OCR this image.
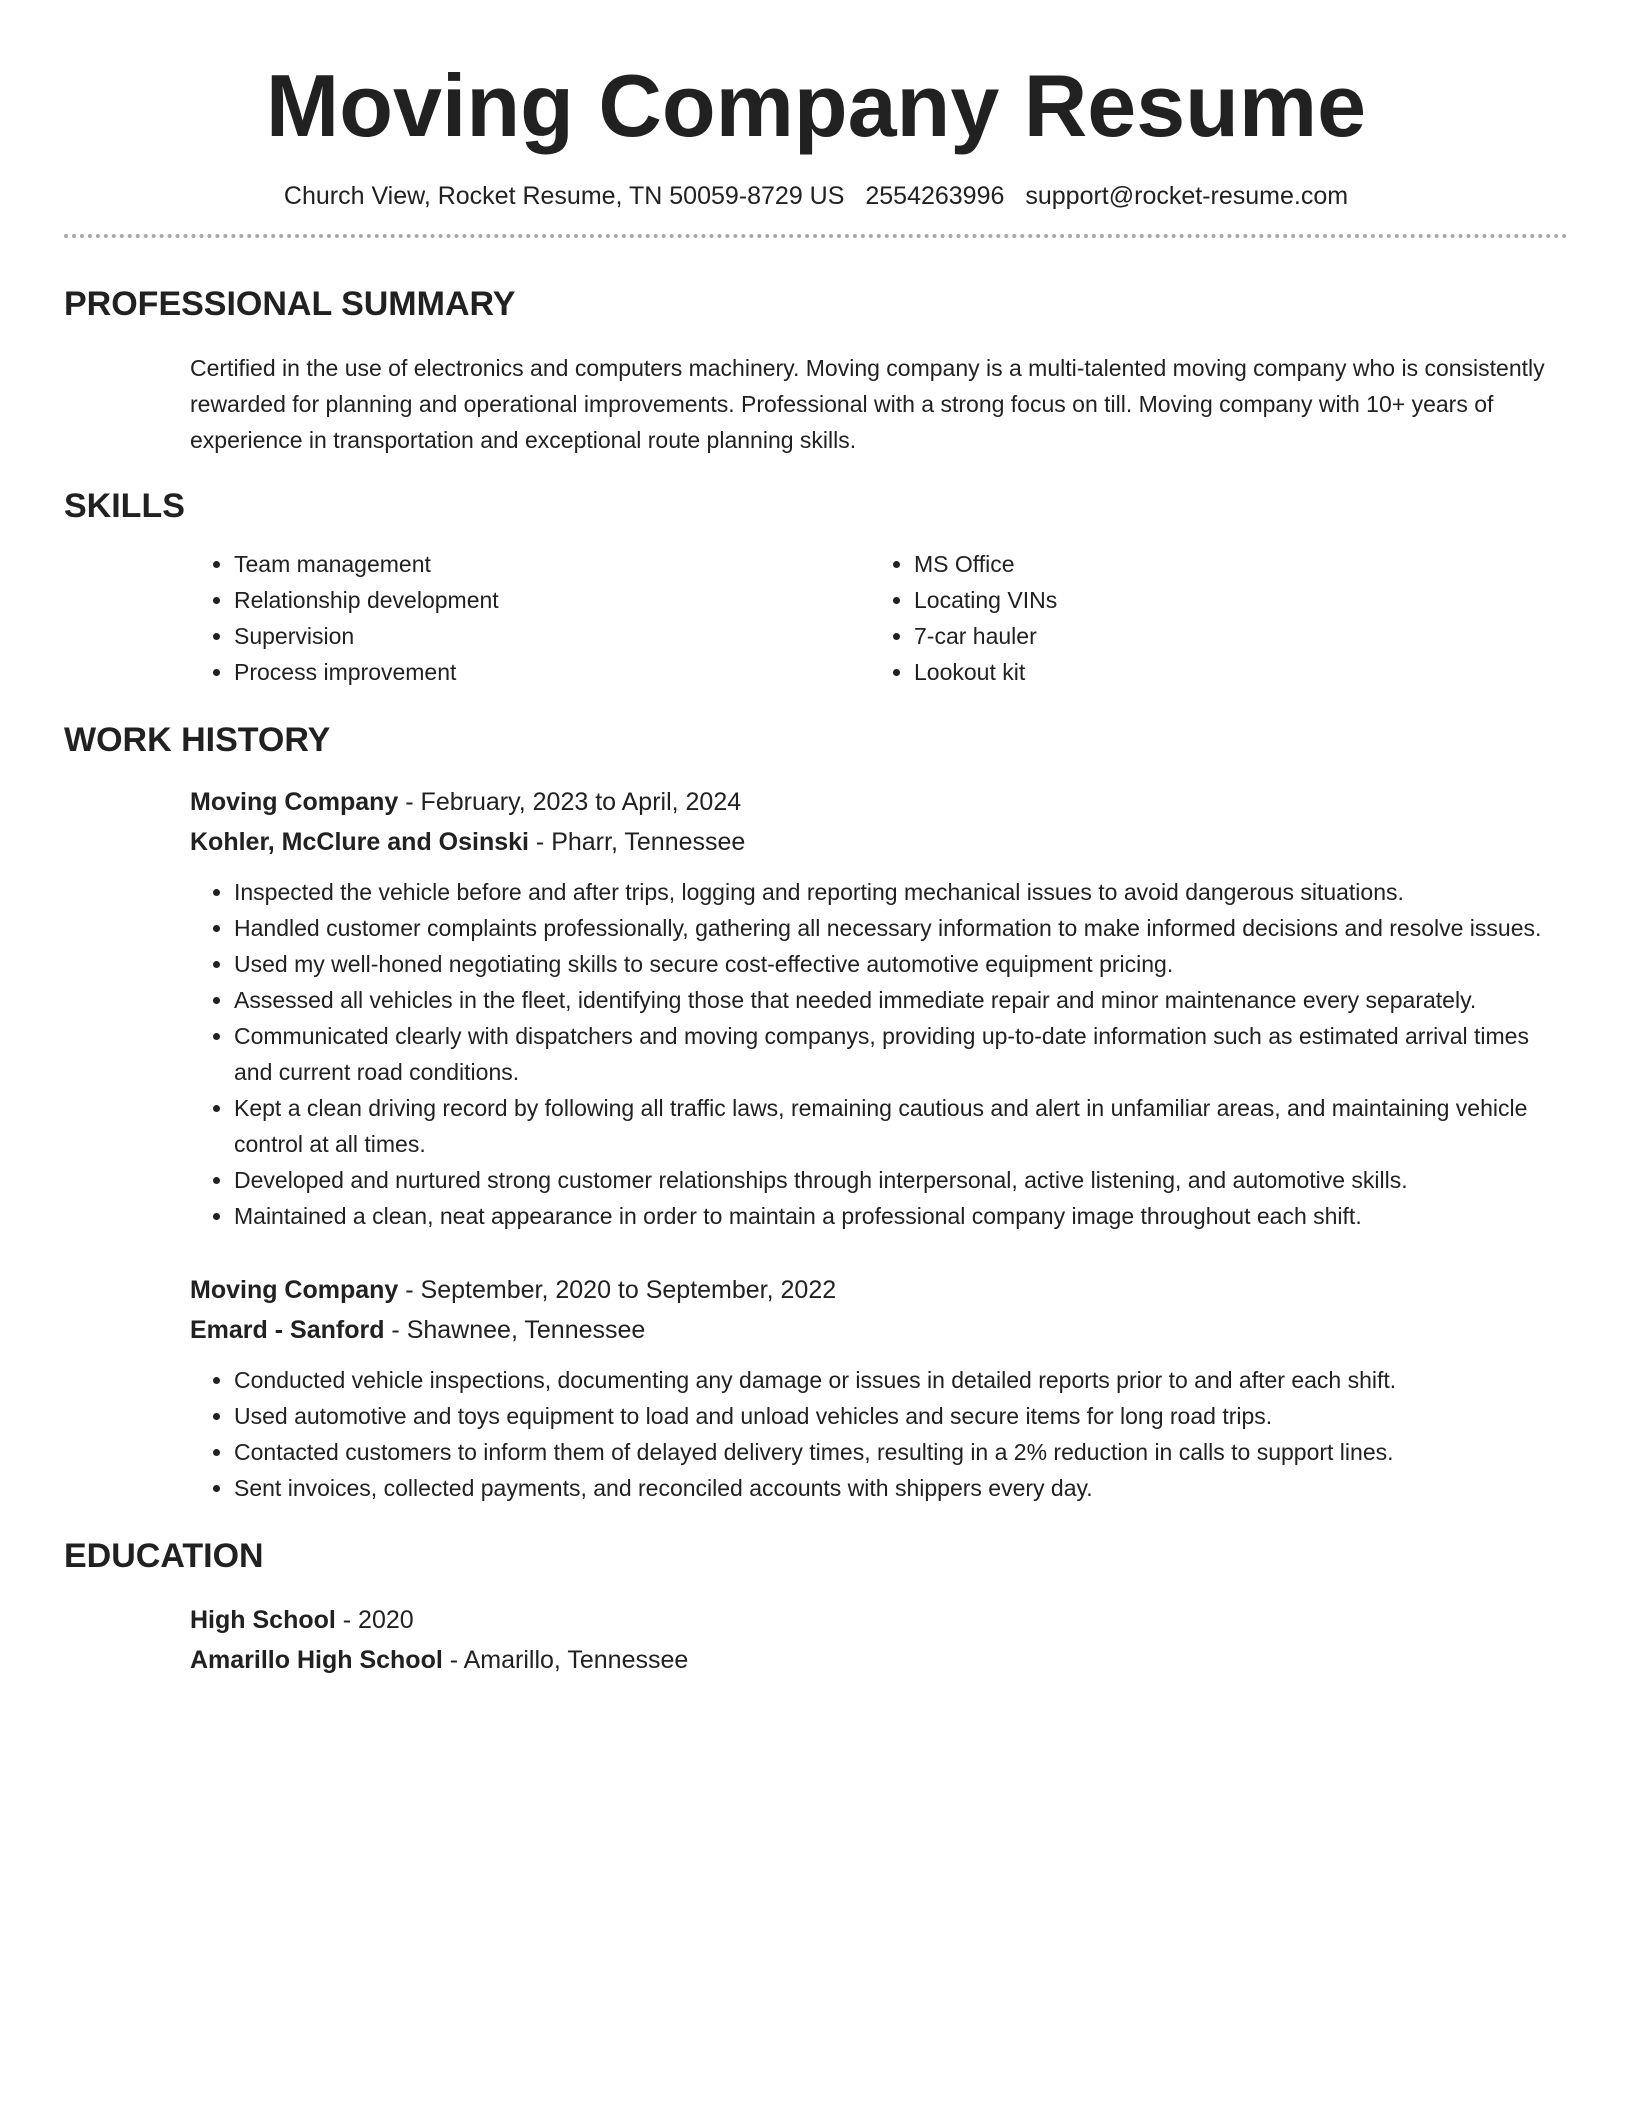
Moving Company Resume
Church View, Rocket Resume, TN 50059-8729 US 2554263996 support@rocket-resume.com
PROFESSIONAL SUMMARY

Certified in the use of electronics and computers machinery. Moving company is a multi-talented moving company who is consistently rewarded for planning and operational improvements. Professional with a strong focus on till. Moving company with 10+ years of experience in transportation and exceptional route planning skills.

SKILLS
• Team management
• Relationship development
• Supervision
• Process improvement
• MS Office
• Locating VINs
• 7-car hauler
• Lookout kit
WORK HISTORY
Moving Company - February, 2023 to April, 2024
Kohler, McClure and Osinski - Pharr, Tennessee
• Inspected the vehicle before and after trips, logging and reporting mechanical issues to avoid dangerous situations.
• Handled customer complaints professionally, gathering all necessary information to make informed decisions and resolve issues.
• Used my well-honed negotiating skills to secure cost-effective automotive equipment pricing.
• Assessed all vehicles in the fleet, identifying those that needed immediate repair and minor maintenance every separately.
• Communicated clearly with dispatchers and moving companys, providing up-to-date information such as estimated arrival times and current road conditions.
• Kept a clean driving record by following all traffic laws, remaining cautious and alert in unfamiliar areas, and maintaining vehicle control at all times.
• Developed and nurtured strong customer relationships through interpersonal, active listening, and automotive skills.
• Maintained a clean, neat appearance in order to maintain a professional company image throughout each shift.
Moving Company - September, 2020 to September, 2022
Emard - Sanford - Shawnee, Tennessee
• Conducted vehicle inspections, documenting any damage or issues in detailed reports prior to and after each shift.
• Used automotive and toys equipment to load and unload vehicles and secure items for long road trips.
• Contacted customers to inform them of delayed delivery times, resulting in a 2% reduction in calls to support lines.
• Sent invoices, collected payments, and reconciled accounts with shippers every day.
EDUCATION
High School - 2020
Amarillo High School - Amarillo, Tennessee
